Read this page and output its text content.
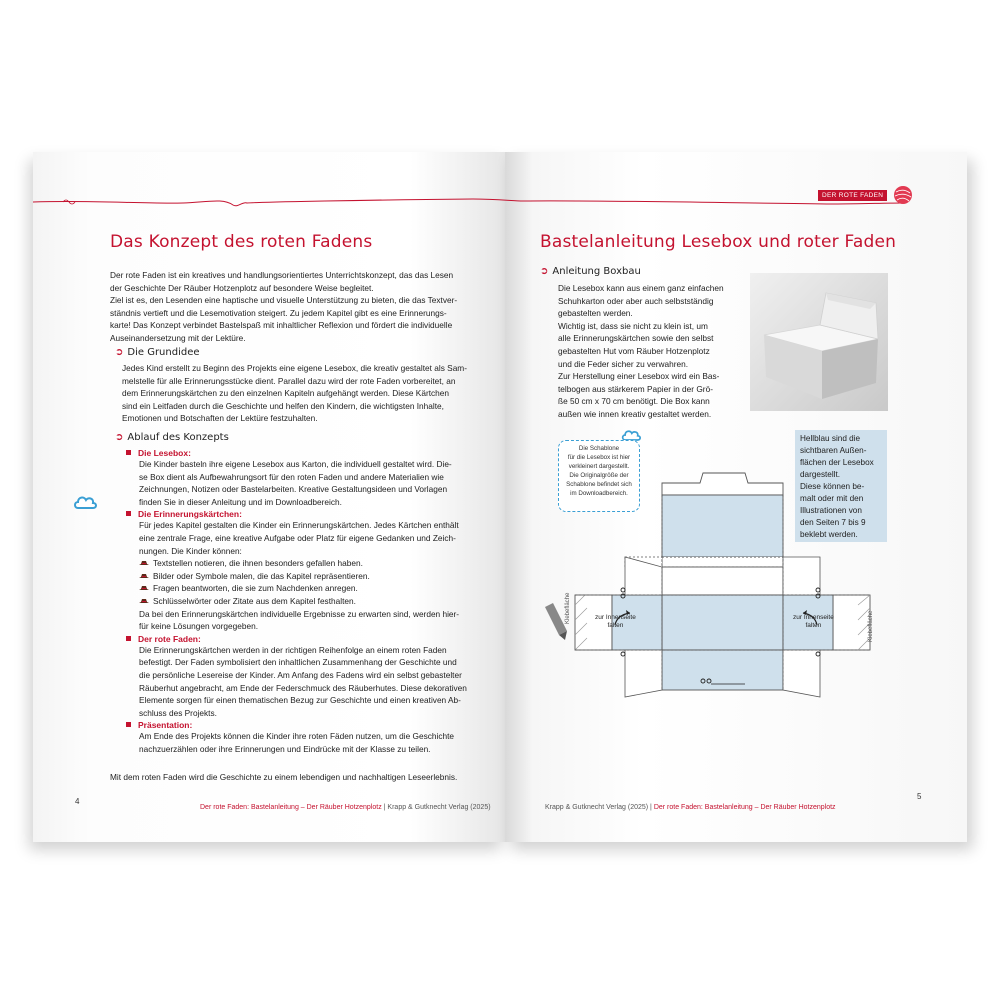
Das Konzept des roten Fadens

Der rote Faden ist ein kreatives und handlungsorientiertes Unterrichtskonzept, das das Lesen

der Geschichte Der Räuber Hotzenplotz auf besondere Weise begleitet.

Ziel ist es, den Lesenden eine haptische und visuelle Unterstützung zu bieten, die das Textver-

ständnis vertieft und die Lesemotivation steigert. Zu jedem Kapitel gibt es eine Erinnerungs-

karte! Das Konzept verbindet Bastelspaß mit inhaltlicher Reflexion und fördert die individuelle

Auseinandersetzung mit der Lektüre.

➲ Die Grundidee

Jedes Kind erstellt zu Beginn des Projekts eine eigene Lesebox, die kreativ gestaltet als Sam-

melstelle für alle Erinnerungsstücke dient. Parallel dazu wird der rote Faden vorbereitet, an

dem Erinnerungskärtchen zu den einzelnen Kapiteln aufgehängt werden. Diese Kärtchen

sind ein Leitfaden durch die Geschichte und helfen den Kindern, die wichtigsten Inhalte,

Emotionen und Botschaften der Lektüre festzuhalten.

➲ Ablauf des Konzepts
Die Lesebox:

Die Kinder basteln ihre eigene Lesebox aus Karton, die individuell gestaltet wird. Die-

se Box dient als Aufbewahrungsort für den roten Faden und andere Materialien wie

Zeichnungen, Notizen oder Bastelarbeiten. Kreative Gestaltungsideen und Vorlagen

finden Sie in dieser Anleitung und im Downloadbereich.

Die Erinnerungskärtchen:

Für jedes Kapitel gestalten die Kinder ein Erinnerungskärtchen. Jedes Kärtchen enthält

eine zentrale Frage, eine kreative Aufgabe oder Platz für eigene Gedanken und Zeich-

nungen. Die Kinder können:

Textstellen notieren, die ihnen besonders gefallen haben.

Bilder oder Symbole malen, die das Kapitel repräsentieren.

Fragen beantworten, die sie zum Nachdenken anregen.

Schlüsselwörter oder Zitate aus dem Kapitel festhalten.

Da bei den Erinnerungskärtchen individuelle Ergebnisse zu erwarten sind, werden hier-

für keine Lösungen vorgegeben.

Der rote Faden:

Die Erinnerungskärtchen werden in der richtigen Reihenfolge an einem roten Faden

befestigt. Der Faden symbolisiert den inhaltlichen Zusammenhang der Geschichte und

die persönliche Lesereise der Kinder. Am Anfang des Fadens wird ein selbst gebastelter

Räuberhut angebracht, am Ende der Federschmuck des Räuberhutes. Diese dekorativen

Elemente sorgen für einen thematischen Bezug zur Geschichte und einen kreativen Ab-

schluss des Projekts.

Präsentation:

Am Ende des Projekts können die Kinder ihre roten Fäden nutzen, um die Geschichte

nachzuerzählen oder ihre Erinnerungen und Eindrücke mit der Klasse zu teilen.

Mit dem roten Faden wird die Geschichte zu einem lebendigen und nachhaltigen Leseerlebnis.

4
Der rote Faden: Bastelanleitung – Der Räuber Hotzenplotz | Krapp & Gutknecht Verlag (2025)
DER ROTE FADEN
Bastelanleitung Lesebox und roter Faden
➲ Anleitung Boxbau

Die Lesebox kann aus einem ganz einfachen

Schuhkarton oder aber auch selbstständig

gebastelten werden.

Wichtig ist, dass sie nicht zu klein ist, um

alle Erinnerungskärtchen sowie den selbst

gebastelten Hut vom Räuber Hotzenplotz

und die Feder sicher zu verwahren.

Zur Herstellung einer Lesebox wird ein Bas-

telbogen aus stärkerem Papier in der Grö-

ße 50 cm x 70 cm benötigt. Die Box kann

außen wie innen kreativ gestaltet werden.

Die Schablone
für die Lesebox ist hier
verkleinert dargestellt.
Die Originalgröße der
Schablone befindet sich
im Downloadbereich.
Hellblau sind die
sichtbaren Außen-
flächen der Lesebox
dargestellt.
Diese können be-
malt oder mit den
Illustrationen von
den Seiten 7 bis 9
beklebt werden.
zur Innenseite
falten
zur Innenseite
falten
Klebefläche
Klebefläche
5
Krapp & Gutknecht Verlag (2025) | Der rote Faden: Bastelanleitung – Der Räuber Hotzenplotz
